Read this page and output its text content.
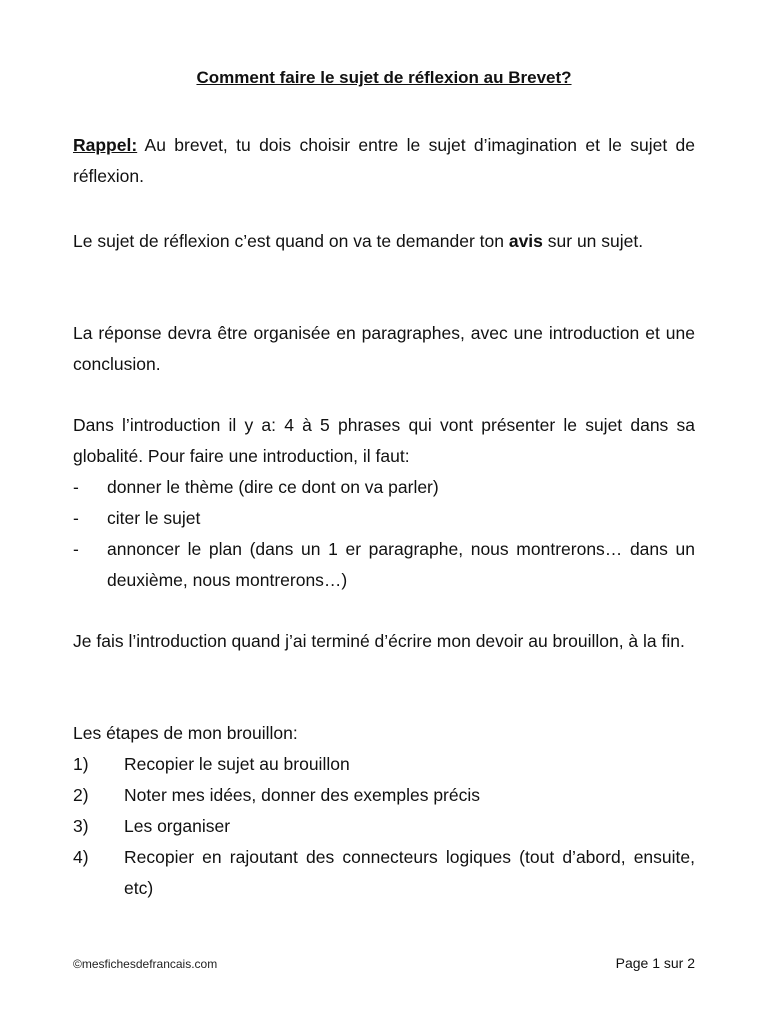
Comment faire le sujet de réflexion au Brevet?
Rappel: Au brevet, tu dois choisir entre le sujet d’imagination et le sujet de réflexion.
Le sujet de réflexion c’est quand on va te demander ton avis sur un sujet.
La réponse devra être organisée en paragraphes, avec une introduction et une conclusion.
Dans l’introduction il y a: 4 à 5 phrases qui vont présenter le sujet dans sa globalité. Pour faire une introduction, il faut:
- donner le thème (dire ce dont on va parler)
- citer le sujet
- annoncer le plan (dans un 1 er paragraphe, nous montrerons… dans un deuxième, nous montrerons…)
Je fais l’introduction quand j’ai terminé d’écrire mon devoir au brouillon, à la fin.
Les étapes de mon brouillon:
1) Recopier le sujet au brouillon
2) Noter mes idées, donner des exemples précis
3) Les organiser
4) Recopier en rajoutant des connecteurs logiques (tout d’abord, ensuite, etc)
©mesfichesdefrancais.com	Page 1 sur 2
